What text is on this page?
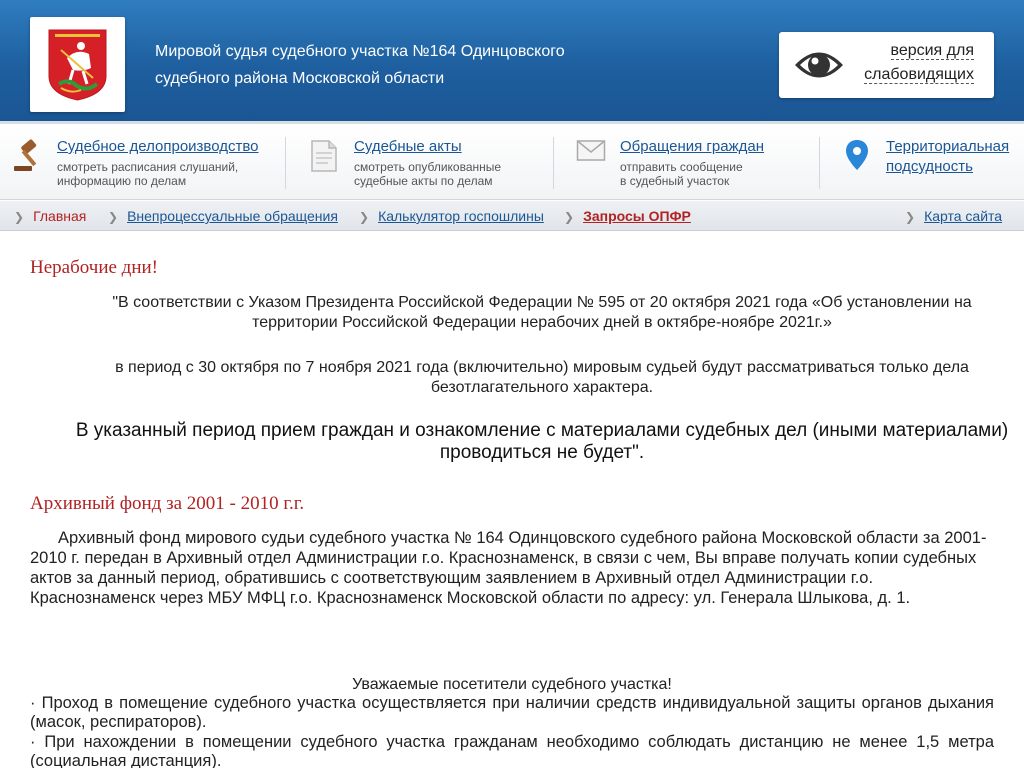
Мировой судья судебного участка №164 Одинцовского
судебного района Московской области
версия для
слабовидящих
Судебное делопроизводство
смотреть расписания слушаний,
информацию по делам
Судебные акты
смотреть опубликованные
судебные акты по делам
Обращения граждан
отправить сообщение
в судебный участок
Территориальная
подсудность
❯ Главная ❯ Внепроцессуальные обращения ❯ Калькулятор госпошлины ❯ Запросы ОПФР	❯ Карта сайта
Нерабочие дни!
"В соответствии с Указом Президента Российской Федерации № 595 от 20 октября 2021 года «Об установлении на
территории Российской Федерации нерабочих дней в октябре-ноябре 2021г.»
в период с 30 октября по 7 ноября 2021 года (включительно) мировым судьей будут рассматриваться только дела
безотлагательного характера.
В указанный период прием граждан и ознакомление с материалами судебных дел (иными материалами)
проводиться не будет".
Архивный фонд за 2001 - 2010 г.г.
Архивный фонд мирового судьи судебного участка № 164 Одинцовского судебного района Московской области за 2001-2010 г. передан в Архивный отдел Администрации г.о. Краснознаменск, в связи с чем, Вы вправе получать копии судебных актов за данный период, обратившись с соответствующим заявлением в Архивный отдел Администрации г.о. Краснознаменск через МБУ МФЦ г.о. Краснознаменск Московской области по адресу: ул. Генерала Шлыкова, д. 1.
Уважаемые посетители судебного участка!
· Проход в помещение судебного участка осуществляется при наличии средств индивидуальной защиты органов дыхания (масок, респираторов).
· При нахождении в помещении судебного участка гражданам необходимо соблюдать дистанцию не менее 1,5 метра (социальная дистанция).
